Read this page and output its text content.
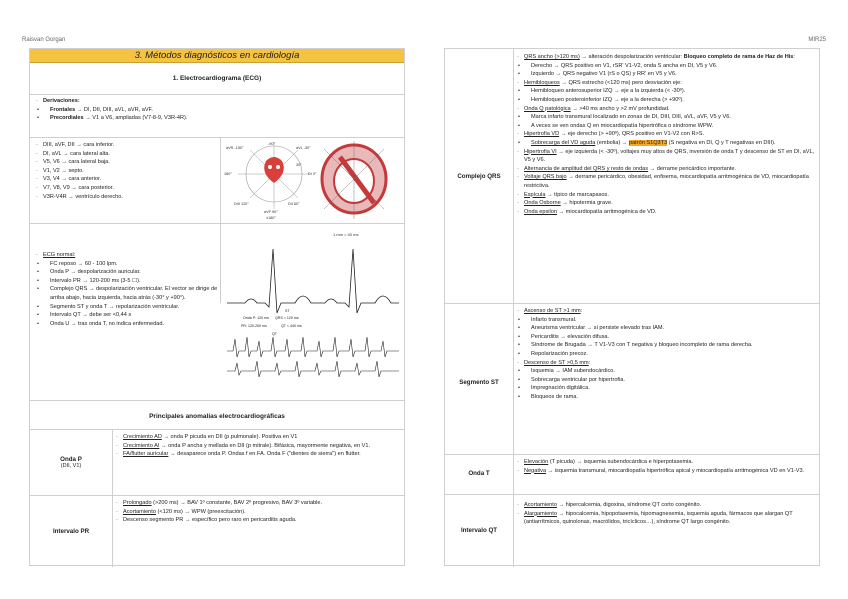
Raisvan Gorgan	MIR25
3. Métodos diagnósticos en cardiología
1. Electrocardiograma (ECG)
- Derivaciones:
• Frontales → DI, DII, DIII, aVL, aVR, aVF.
• Precordiales → V1 a V6, ampliadas (V7-8-9, V3R-4R).
- DIII, aVF, DII → cara inferior.
- DI, aVL → cara lateral alta.
- V5, V6 → cara lateral baja.
- V1, V2 → septo.
- V3, V4 → cara anterior.
- V7, V8, V9 → cara posterior.
- V3R-V4R → ventrículo derecho.
aVR -150°	aVL -30°
DI 0°
DII 60°
DIII 120°
aVF 90°
-90°
30°
180°
±180°
- ECG normal:
• FC reposo → 60 - 100 lpm.
• Onda P → despolarización auricular.
• Intervalo PR → 120-200 ms (3-5 ☐).
• Complejo QRS → despolarización ventricular. El vector se dirige de arriba abajo, hacia izquierda, hacia atrás (-30° y +90°).
• Segmento ST y onda T → repolarización ventricular.
• Intervalo QT → debe ser <0,44 s
• Onda U → tras onda T, no indica enfermedad.
1 mm = 40 ms
Onda P: 120 ms QRS < 120 ms
PR: 120-200 ms	QT < 440 ms
ST
QT
Principales anomalías electrocardiográficas
Onda P
(DII, V1)
- Crecimiento AD → onda P picuda en DII (p pulmonale). Positiva en V1
- Crecimiento AI → onda P ancha y mellada en DII (p mitrale). Bifásica, mayormente negativa, en V1.
- FA/flutter auricular → desaparece onda P. Ondas f en FA. Onda F ("dientes de sierra") en flutter.
Intervalo PR
- Prolongado (>200 ms) → BAV 1º constante, BAV 2º progresivo, BAV 3º variable.
- Acortamiento (<120 ms) → WPW (preexcitación).
- Descenso segmento PR → específico pero raro en pericarditis aguda.
Complejo QRS
- QRS ancho (>120 ms) → alteración despolarización ventricular: Bloqueo completo de rama de Haz de His:
• Derecho → QRS positivo en V1, rSR' V1-V2, onda S ancha en DI, V5 y V6.
• Izquierdo → QRS negativo V1 (rS o QS) y RR' en V5 y V6.
- Hemibloqueos → QRS estrecho (<120 ms) pero desviación eje:
• Hemibloqueo anterosuperior IZQ → eje a la izquierda (< -30º).
• Hemibloqueo posteroinferior IZQ → eje a la derecha (> +90º).
- Onda Q patológica → >40 ms ancho y >2 mV profundidad.
• Marca infarto transmural localizado en zonas de DI, DIII, DIII, aVL, aVF, V5 y V6.
• A veces se ven ondas Q en miocardiopatía hipertrófica o síndrome WPW.
- Hipertrofia VD → eje derecho (> +90º), QRS positivo en V1-V2 con R>S.
• Sobrecarga del VD aguda (embolia) → patrón S1Q3T3 (S negativa en DI, Q y T negativas en DIII).
- Hipertrofia VI → eje izquierda (< -30º), voltajes muy altos de QRS, inversión de onda T y descenso de ST en DI, aVL, V5 y V6.
- Alternancia de amplitud del QRS y resto de ondas → derrame pericárdico importante.
- Voltaje QRS bajo → derrame pericárdico, obesidad, enfisema, miocardiopatía arritmogénica de VD, miocardiopatía restrictiva.
- Espícula → típico de marcapasos.
- Onda Osborne → hipotermia grave.
- Onda epsilon → miocardiopatía arritmogénica de VD.
Segmento ST
- Ascenso de ST >1 mm:
• Infarto transmural.
• Aneurisma ventricular → si persiste elevado tras IAM.
• Pericarditis → elevación difusa.
• Síndrome de Brugada → T V1-V3 con T negativa y bloqueo incompleto de rama derecha.
• Repolarización precoz.
- Descenso de ST >0,5 mm:
• Isquemia → IAM subendocárdico.
• Sobrecarga ventricular por hipertrofia.
• Impregnación digitálica.
• Bloqueos de rama.
Onda T
- Elevación (T picuda) → isquemia subendocárdica e hiperpotasemia.
- Negativa → isquemia transmural, miocardiopatía hipertrófica apical y miocardiopatía arritmogénica VD en V1-V3.
Intervalo QT
- Acortamiento → hipercalcemia, digoxina, síndrome QT corto congénito.
- Alargamiento → hipocalcemia, hipopotasemia, hipomagnesemia, isquemia aguda, fármacos que alargan QT (antiarrítmicos, quinolonas, macrólidos, tricíclicos…), síndrome QT largo congénito.
